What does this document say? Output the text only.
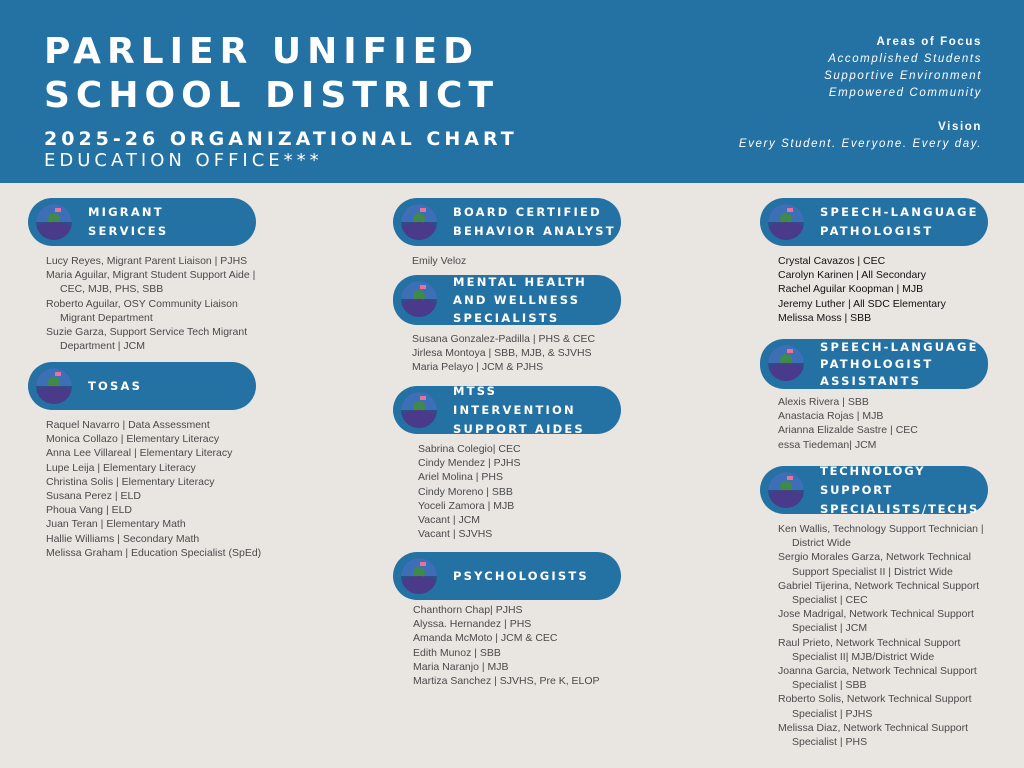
PARLIER UNIFIED
SCHOOL DISTRICT
2025-26 ORGANIZATIONAL CHART
EDUCATION OFFICE***
Areas of Focus
Accomplished Students
Supportive Environment
Empowered Community
Vision
Every Student. Everyone. Every day.
MIGRANT
SERVICES
Lucy Reyes, Migrant Parent Liaison | PJHS
Maria Aguilar, Migrant Student Support Aide |
CEC, MJB, PHS, SBB
Roberto Aguilar, OSY Community Liaison
Migrant Department
Suzie Garza, Support Service Tech Migrant
Department | JCM
TOSAS
Raquel Navarro | Data Assessment
Monica Collazo | Elementary Literacy
Anna Lee Villareal | Elementary Literacy
Lupe Leija | Elementary Literacy
Christina Solis | Elementary Literacy
Susana Perez | ELD
Phoua Vang | ELD
Juan Teran | Elementary Math
Hallie Williams | Secondary Math
Melissa Graham | Education Specialist (SpEd)
BOARD CERTIFIED
BEHAVIOR ANALYST
Emily Veloz
MENTAL HEALTH
AND WELLNESS
SPECIALISTS
Susana Gonzalez-Padilla | PHS & CEC
Jirlesa Montoya | SBB, MJB, & SJVHS
Maria Pelayo | JCM & PJHS
MTSS INTERVENTION
SUPPORT AIDES
Sabrina Colegio| CEC
Cindy Mendez | PJHS
Ariel Molina | PHS
Cindy Moreno | SBB
Yoceli Zamora | MJB
Vacant | JCM
Vacant | SJVHS
PSYCHOLOGISTS
Chanthorn Chap| PJHS
Alyssa. Hernandez | PHS
Amanda McMoto | JCM & CEC
Edith Munoz | SBB
Maria Naranjo | MJB
Martiza Sanchez | SJVHS, Pre K, ELOP
SPEECH-LANGUAGE
PATHOLOGIST
Crystal Cavazos | CEC
Carolyn Karinen | All Secondary
Rachel Aguilar Koopman | MJB
Jeremy Luther | All SDC Elementary
Melissa Moss | SBB
SPEECH-LANGUAGE
PATHOLOGIST
ASSISTANTS
Alexis Rivera | SBB
Anastacia Rojas | MJB
Arianna Elizalde Sastre | CEC
essa Tiedeman| JCM
TECHNOLOGY SUPPORT
SPECIALISTS/TECHS
Ken Wallis, Technology Support Technician |
District Wide
Sergio Morales Garza, Network Technical
Support Specialist II | District Wide
Gabriel Tijerina, Network Technical Support
Specialist | CEC
Jose Madrigal, Network Technical Support
Specialist | JCM
Raul Prieto, Network Technical Support
Specialist II| MJB/District Wide
Joanna Garcia, Network Technical Support
Specialist | SBB
Roberto Solis, Network Technical Support
Specialist | PJHS
Melissa Diaz, Network Technical Support
Specialist | PHS
